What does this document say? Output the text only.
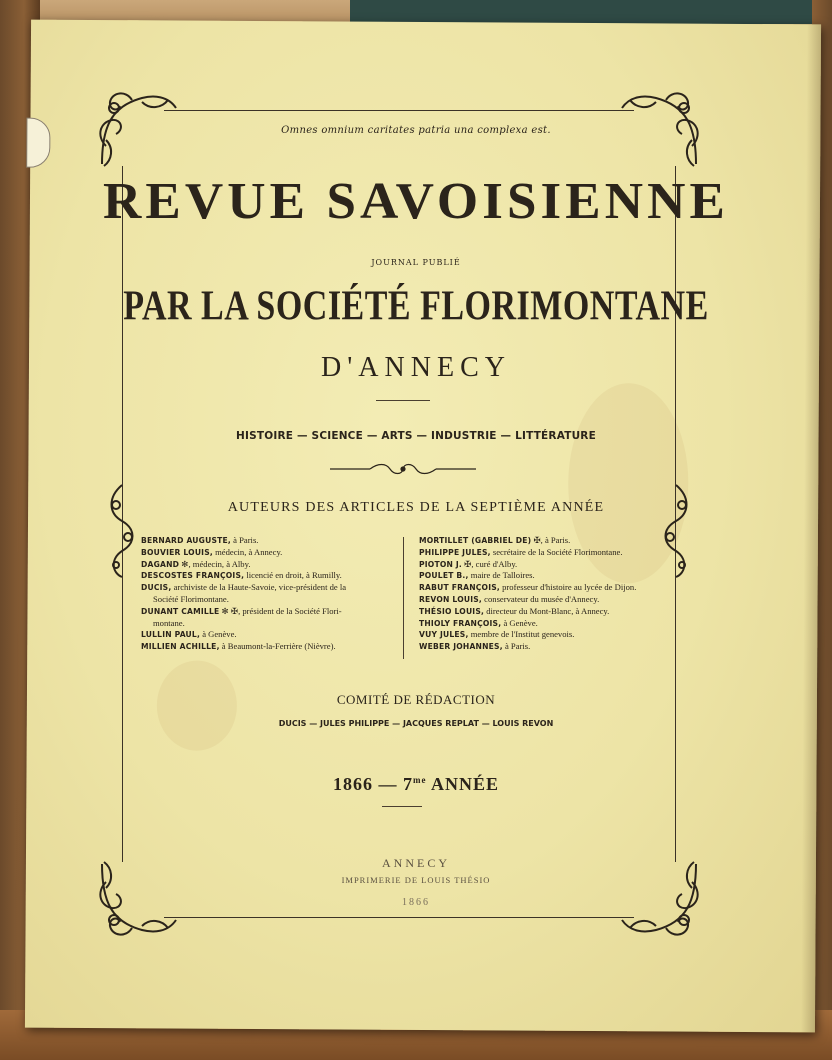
Omnes omnium caritates patria una complexa est.
REVUE SAVOISIENNE
JOURNAL PUBLIÉ
PAR LA SOCIÉTÉ FLORIMONTANE
D'ANNECY
HISTOIRE — SCIENCE — ARTS — INDUSTRIE — LITTÉRATURE
AUTEURS DES ARTICLES DE LA SEPTIÈME ANNÉE
BERNARD AUGUSTE, à Paris.
BOUVIER LOUIS, médecin, à Annecy.
DAGAND ✻, médecin, à Alby.
DESCOSTES FRANÇOIS, licencié en droit, à Rumilly.
DUCIS, archiviste de la Haute-Savoie, vice-président de la
Société Florimontane.
DUNANT CAMILLE ✻ ✠, président de la Société Flori-
montane.
LULLIN PAUL, à Genève.
MILLIEN ACHILLE, à Beaumont-la-Ferrière (Nièvre).
MORTILLET (GABRIEL DE) ✠, à Paris.
PHILIPPE JULES, secrétaire de la Société Florimontane.
PIOTON J. ✠, curé d'Alby.
POULET B., maire de Talloires.
RABUT FRANÇOIS, professeur d'histoire au lycée de Dijon.
REVON LOUIS, conservateur du musée d'Annecy.
THÉSIO LOUIS, directeur du Mont-Blanc, à Annecy.
THIOLY FRANÇOIS, à Genève.
VUY JULES, membre de l'Institut genevois.
WEBER JOHANNES, à Paris.
COMITÉ DE RÉDACTION
DUCIS — JULES PHILIPPE — JACQUES REPLAT — LOUIS REVON
1866 — $7^{me}$ ANNÉE
ANNECY
IMPRIMERIE DE LOUIS THÉSIO
1866
